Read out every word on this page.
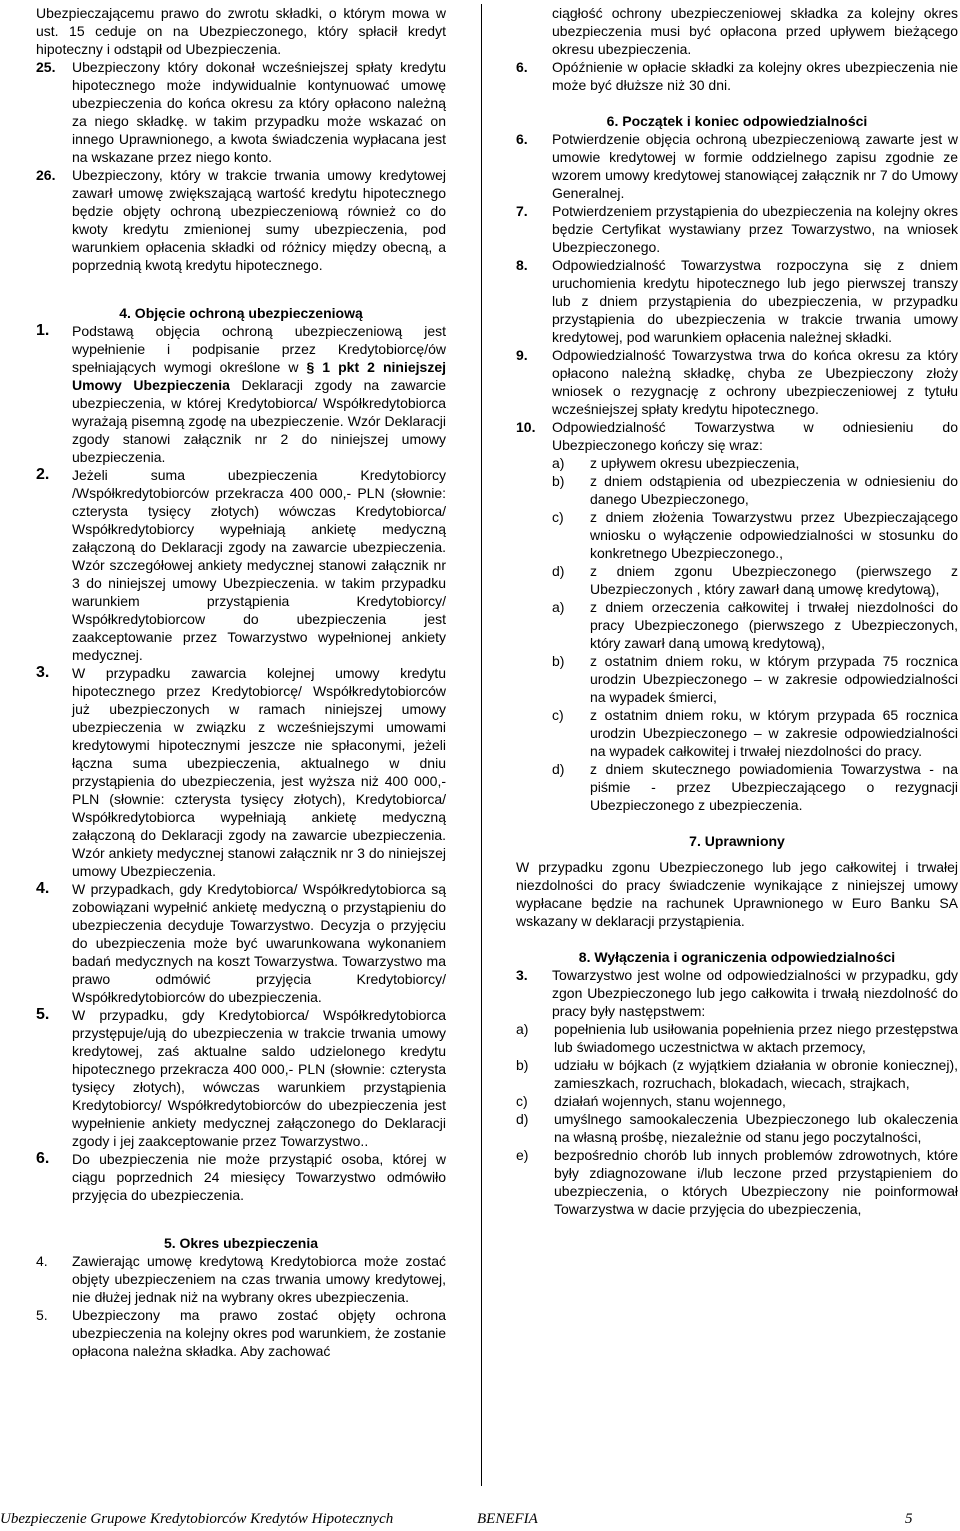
Ubezpieczającemu prawo do zwrotu składki, o którym mowa w ust. 15 ceduje on na Ubezpieczonego, który spłacił kredyt hipoteczny i odstąpił od Ubezpieczenia.

25. Ubezpieczony który dokonał wcześniejszej spłaty kredytu hipotecznego może indywidualnie kontynuować umowę ubezpieczenia do końca okresu za który opłacono należną za niego składkę. w takim przypadku może wskazać on innego Uprawnionego, a kwota świadczenia wypłacana jest na wskazane przez niego konto.
26. Ubezpieczony, który w trakcie trwania umowy kredytowej zawarł umowę zwiększającą wartość kredytu hipotecznego będzie objęty ochroną ubezpieczeniową również co do kwoty kredytu zmienionej sumy ubezpieczenia, pod warunkiem opłacenia składki od różnicy między obecną, a poprzednią kwotą kredytu hipotecznego.

4. Objęcie ochroną ubezpieczeniową

1. Podstawą objęcia ochroną ubezpieczeniową jest wypełnienie i podpisanie przez Kredytobiorcę/ów spełniających wymogi określone w § 1 pkt 2 niniejszej Umowy Ubezpieczenia Deklaracji zgody na zawarcie ubezpieczenia, w której Kredytobiorca/ Współkredytobiorca wyrażają pisemną zgodę na ubezpieczenie. Wzór Deklaracji zgody stanowi załącznik nr 2 do niniejszej umowy ubezpieczenia.
2. Jeżeli suma ubezpieczenia Kredytobiorcy /Współkredytobiorców przekracza 400 000,- PLN (słownie: czterysta tysięcy złotych) wówczas Kredytobiorca/ Współkredytobiorcy wypełniają ankietę medyczną załączoną do Deklaracji zgody na zawarcie ubezpieczenia. Wzór szczegółowej ankiety medycznej stanowi załącznik nr 3 do niniejszej umowy Ubezpieczenia. w takim przypadku warunkiem przystąpienia Kredytobiorcy/ Współkredytobiorcow do ubezpieczenia jest zaakceptowanie przez Towarzystwo wypełnionej ankiety medycznej.
3. W przypadku zawarcia kolejnej umowy kredytu hipotecznego przez Kredytobiorcę/ Współkredytobiorców już ubezpieczonych w ramach niniejszej umowy ubezpieczenia w związku z wcześniejszymi umowami kredytowymi hipotecznymi jeszcze nie spłaconymi, jeżeli łączna suma ubezpieczenia, aktualnego w dniu przystąpienia do ubezpieczenia, jest wyższa niż 400 000,- PLN (słownie: czterysta tysięcy złotych), Kredytobiorca/ Współkredytobiorca wypełniają ankietę medyczną załączoną do Deklaracji zgody na zawarcie ubezpieczenia. Wzór ankiety medycznej stanowi załącznik nr 3 do niniejszej umowy Ubezpieczenia.
4. W przypadkach, gdy Kredytobiorca/ Współkredytobiorca są zobowiązani wypełnić ankietę medyczną o przystąpieniu do ubezpieczenia decyduje Towarzystwo. Decyzja o przyjęciu do ubezpieczenia może być uwarunkowana wykonaniem badań medycznych na koszt Towarzystwa. Towarzystwo ma prawo odmówić przyjęcia Kredytobiorcy/ Współkredytobiorców do ubezpieczenia.
5. W przypadku, gdy Kredytobiorca/ Współkredytobiorca przystępuje/ują do ubezpieczenia w trakcie trwania umowy kredytowej, zaś aktualne saldo udzielonego kredytu hipotecznego przekracza 400 000,- PLN (słownie: czterysta tysięcy złotych), wówczas warunkiem przystąpienia Kredytobiorcy/ Współkredytobiorców do ubezpieczenia jest wypełnienie ankiety medycznej załączonego do Deklaracji zgody i jej zaakceptowanie przez Towarzystwo..
6. Do ubezpieczenia nie może przystąpić osoba, której w ciągu poprzednich 24 miesięcy Towarzystwo odmówiło przyjęcia do ubezpieczenia.

5. Okres ubezpieczenia

4. Zawierając umowę kredytową Kredytobiorca może zostać objęty ubezpieczeniem na czas trwania umowy kredytowej, nie dłużej jednak niż na wybrany okres ubezpieczenia.
5. Ubezpieczony ma prawo zostać objęty ochrona ubezpieczenia na kolejny okres pod warunkiem, że zostanie opłacona należna składka. Aby zachować

ciągłość ochrony ubezpieczeniowej składka za kolejny okres ubezpieczenia musi być opłacona przed upływem bieżącego okresu ubezpieczenia.

6. Opóźnienie w opłacie składki za kolejny okres ubezpieczenia nie może być dłuższe niż 30 dni.

6. Początek i koniec odpowiedzialności

6. Potwierdzenie objęcia ochroną ubezpieczeniową zawarte jest w umowie kredytowej w formie oddzielnego zapisu zgodnie ze wzorem umowy kredytowej stanowiącej załącznik nr 7 do Umowy Generalnej.
7. Potwierdzeniem przystąpienia do ubezpieczenia na kolejny okres będzie Certyfikat wystawiany przez Towarzystwo, na wniosek Ubezpieczonego.
8. Odpowiedzialność Towarzystwa rozpoczyna się z dniem uruchomienia kredytu hipotecznego lub jego pierwszej transzy lub z dniem przystąpienia do ubezpieczenia, w przypadku przystąpienia do ubezpieczenia w trakcie trwania umowy kredytowej, pod warunkiem opłacenia należnej składki.
9. Odpowiedzialność Towarzystwa trwa do końca okresu za który opłacono należną składkę, chyba ze Ubezpieczony złoży wniosek o rezygnację z ochrony ubezpieczeniowej z tytułu wcześniejszej spłaty kredytu hipotecznego.
10. Odpowiedzialność Towarzystwa w odniesieniu do Ubezpieczonego kończy się wraz:
a) z upływem okresu ubezpieczenia,
b) z dniem odstąpienia od ubezpieczenia w odniesieniu do danego Ubezpieczonego,
c) z dniem złożenia Towarzystwu przez Ubezpieczającego wniosku o wyłączenie odpowiedzialności w stosunku do konkretnego Ubezpieczonego.,
d) z dniem zgonu Ubezpieczonego (pierwszego z Ubezpieczonych , który zawarł daną umowę kredytową),
a) z dniem orzeczenia całkowitej i trwałej niezdolności do pracy Ubezpieczonego (pierwszego z Ubezpieczonych, który zawarł daną umową kredytową),
b) z ostatnim dniem roku, w którym przypada 75 rocznica urodzin Ubezpieczonego – w zakresie odpowiedzialności na wypadek śmierci,
c) z ostatnim dniem roku, w którym przypada 65 rocznica urodzin Ubezpieczonego – w zakresie odpowiedzialności na wypadek całkowitej i trwałej niezdolności do pracy.
d) z dniem skutecznego powiadomienia Towarzystwa - na piśmie - przez Ubezpieczającego o rezygnacji Ubezpieczonego z ubezpieczenia.

7. Uprawniony

W przypadku zgonu Ubezpieczonego lub jego całkowitej i trwałej niezdolności do pracy świadczenie wynikające z niniejszej umowy wypłacane będzie na rachunek Uprawnionego w Euro Banku SA wskazany w deklaracji przystąpienia.

8. Wyłączenia i ograniczenia odpowiedzialności

3. Towarzystwo jest wolne od odpowiedzialności w przypadku, gdy zgon Ubezpieczonego lub jego całkowita i trwałą niezdolność do pracy były następstwem:
a) popełnienia lub usiłowania popełnienia przez niego przestępstwa lub świadomego uczestnictwa w aktach przemocy,
b) udziału w bójkach (z wyjątkiem działania w obronie koniecznej), zamieszkach, rozruchach, blokadach, wiecach, strajkach,
c) działań wojennych, stanu wojennego,
d) umyślnego samookaleczenia Ubezpieczonego lub okaleczenia na własną prośbę, niezależnie od stanu jego poczytalności,
e) bezpośrednio chorób lub innych problemów zdrowotnych, które były zdiagnozowane i/lub leczone przed przystąpieniem do ubezpieczenia, o których Ubezpieczony nie poinformował Towarzystwa w dacie przyjęcia do ubezpieczenia,
Ubezpieczenie Grupowe Kredytobiorców Kredytów Hipotecznych	BENEFIA	5
